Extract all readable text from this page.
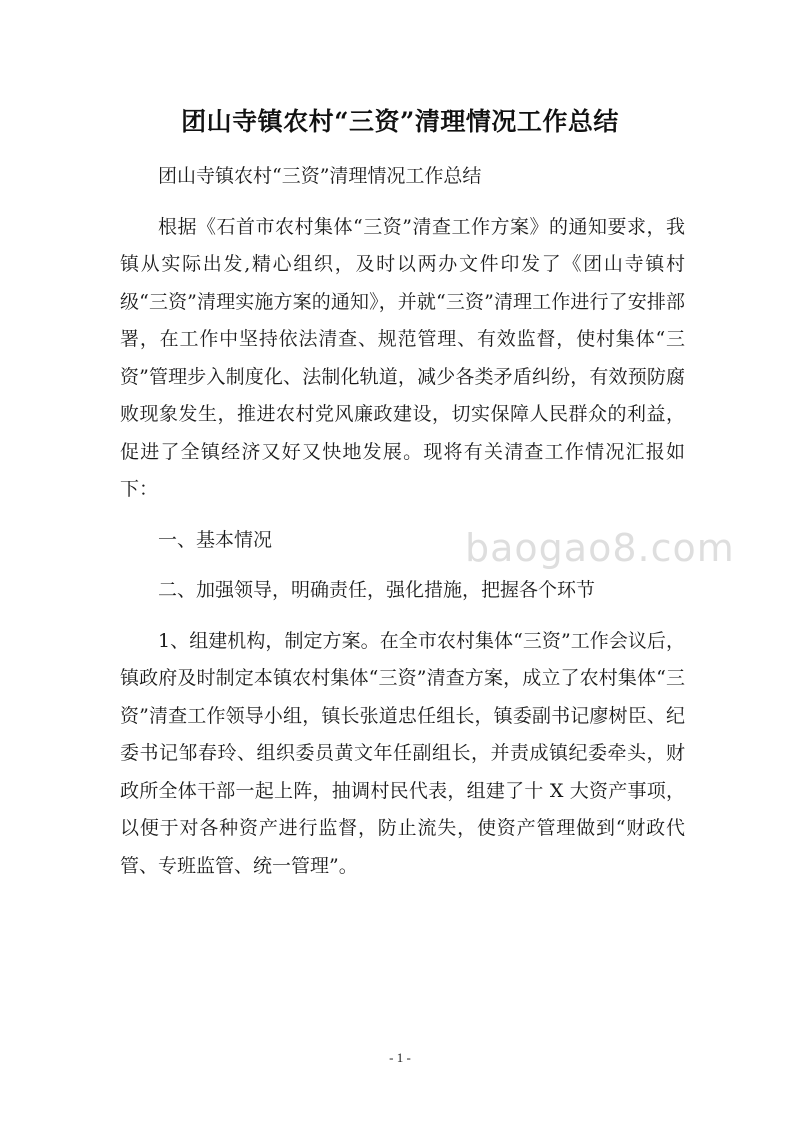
团山寺镇农村“三资”清理情况工作总结

团山寺镇农村“三资”清理情况工作总结

根据《石首市农村集体“三资”清查工作方案》的通知要求，我镇从实际出发,精心组织，及时以两办文件印发了《团山寺镇村级“三资”清理实施方案的通知》，并就“三资”清理工作进行了安排部署，在工作中坚持依法清查、规范管理、有效监督，使村集体“三资”管理步入制度化、法制化轨道，减少各类矛盾纠纷，有效预防腐败现象发生，推进农村党风廉政建设，切实保障人民群众的利益，促进了全镇经济又好又快地发展。现将有关清查工作情况汇报如下：

一、基本情况

二、加强领导，明确责任，强化措施，把握各个环节

1、组建机构，制定方案。在全市农村集体“三资”工作会议后，镇政府及时制定本镇农村集体“三资”清查方案，成立了农村集体“三资”清查工作领导小组，镇长张道忠任组长，镇委副书记廖树臣、纪委书记邹春玲、组织委员黄文年任副组长，并责成镇纪委牵头，财政所全体干部一起上阵，抽调村民代表，组建了十 X 大资产事项，以便于对各种资产进行监督，防止流失，使资产管理做到“财政代管、专班监管、统一管理”。

baogao8.com
- 1 -
